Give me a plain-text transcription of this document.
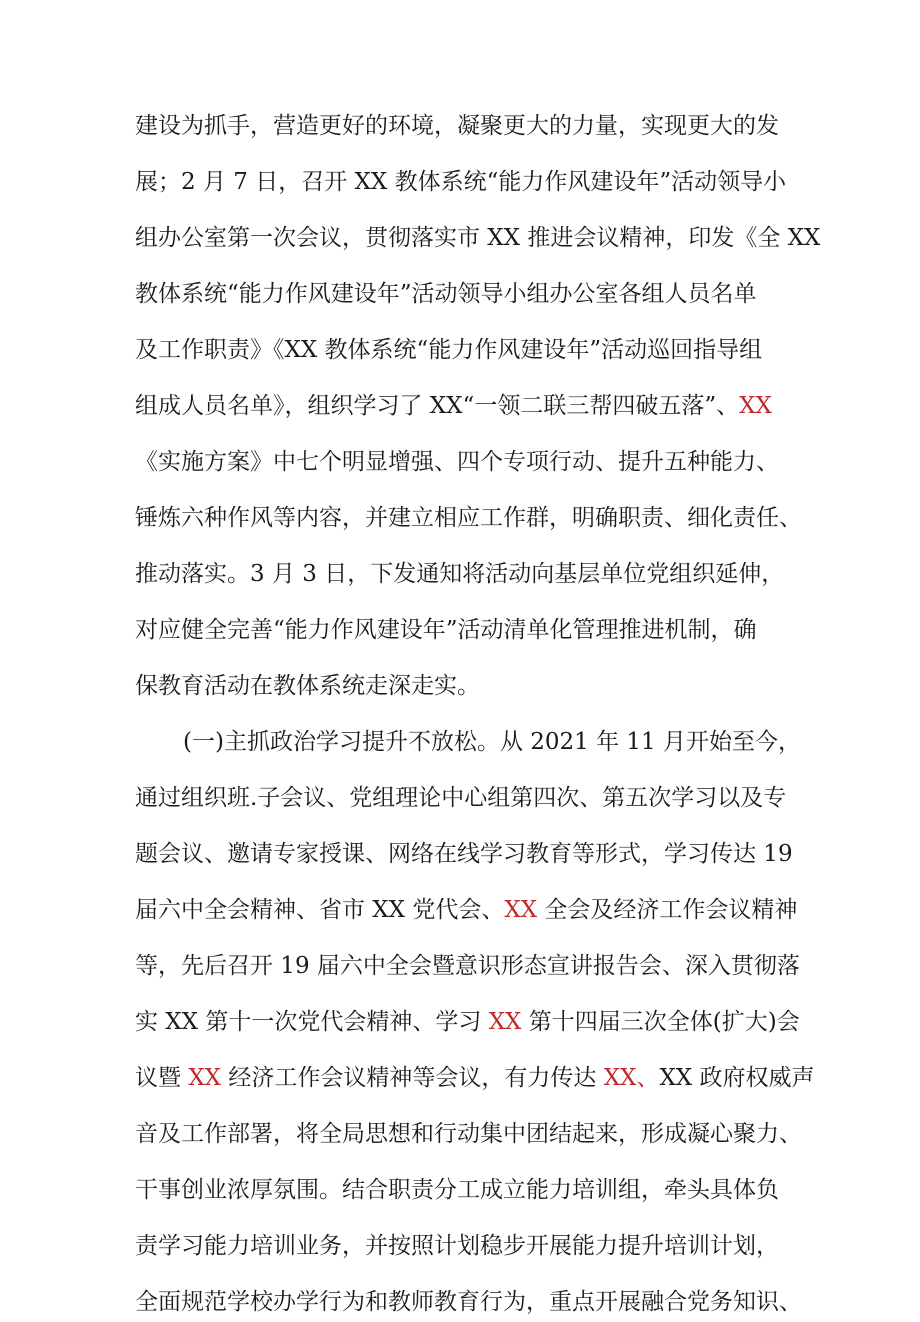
建设为抓手，营造更好的环境，凝聚更大的力量，实现更大的发
展；2 月 7 日，召开 XX 教体系统“能力作风建设年”活动领导小
组办公室第一次会议，贯彻落实市 XX 推进会议精神，印发《全 XX
教体系统“能力作风建设年”活动领导小组办公室各组人员名单
及工作职责》《XX 教体系统“能力作风建设年”活动巡回指导组
组成人员名单》，组织学习了 XX“一领二联三帮四破五落”、XX
《实施方案》中七个明显增强、四个专项行动、提升五种能力、
锤炼六种作风等内容，并建立相应工作群，明确职责、细化责任、
推动落实。3 月 3 日，下发通知将活动向基层单位党组织延伸，
对应健全完善“能力作风建设年”活动清单化管理推进机制，确
保教育活动在教体系统走深走实。
(一)主抓政治学习提升不放松。从 2021 年 11 月开始至今，
通过组织班.子会议、党组理论中心组第四次、第五次学习以及专
题会议、邀请专家授课、网络在线学习教育等形式，学习传达 19
届六中全会精神、省市 XX 党代会、XX 全会及经济工作会议精神
等，先后召开 19 届六中全会暨意识形态宣讲报告会、深入贯彻落
实 XX 第十一次党代会精神、学习 XX 第十四届三次全体(扩大)会
议暨 XX 经济工作会议精神等会议，有力传达 XX、XX 政府权威声
音及工作部署，将全局思想和行动集中团结起来，形成凝心聚力、
干事创业浓厚氛围。结合职责分工成立能力培训组，牵头具体负
责学习能力培训业务，并按照计划稳步开展能力提升培训计划，
全面规范学校办学行为和教师教育行为，重点开展融合党务知识、
